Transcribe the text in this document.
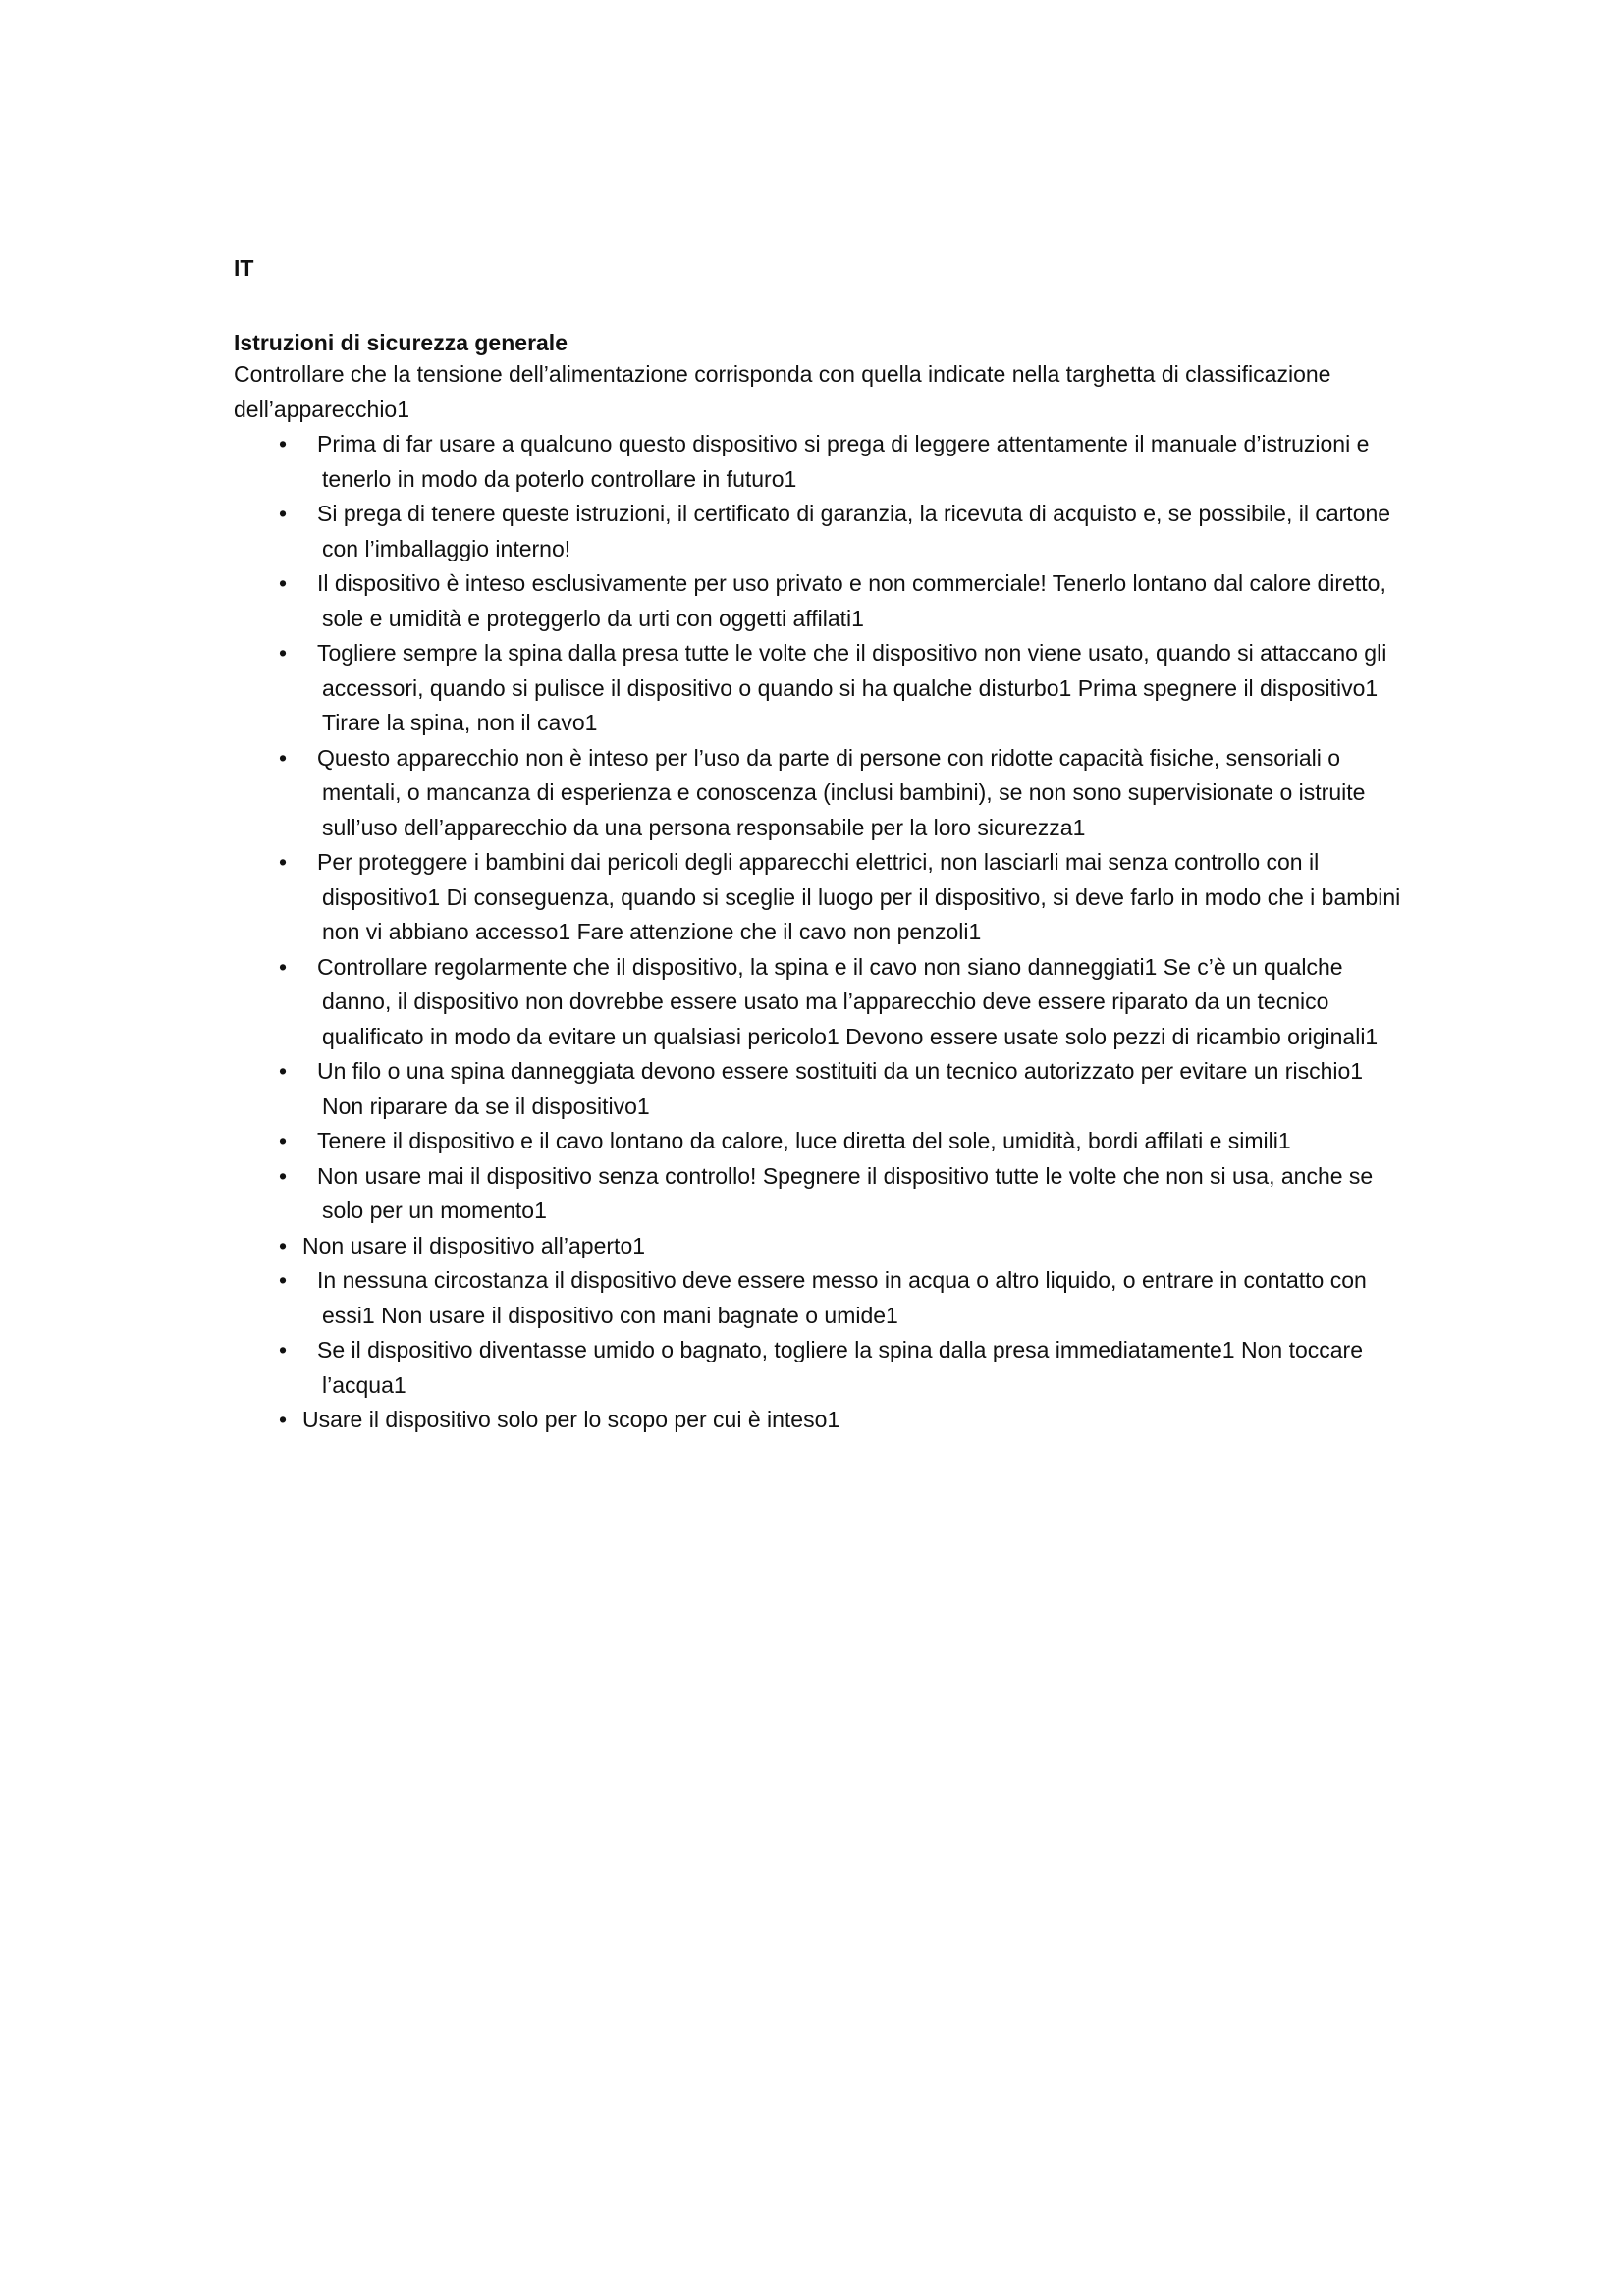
IT

Istruzioni di sicurezza generale

Controllare che la tensione dell’alimentazione corrisponda con quella indicate nella targhetta di classificazione dell’apparecchio1

• Prima di far usare a qualcuno questo dispositivo si prega di leggere attentamente il manuale d’istruzioni e tenerlo in modo da poterlo controllare in futuro1
• Si prega di tenere queste istruzioni, il certificato di garanzia, la ricevuta di acquisto e, se possibile, il cartone con l’imballaggio interno!
• Il dispositivo è inteso esclusivamente per uso privato e non commerciale! Tenerlo lontano dal calore diretto, sole e umidità e proteggerlo da urti con oggetti affilati1
• Togliere sempre la spina dalla presa tutte le volte che il dispositivo non viene usato, quando si attaccano gli accessori, quando si pulisce il dispositivo o quando si ha qualche disturbo1 Prima spegnere il dispositivo1 Tirare la spina, non il cavo1
• Questo apparecchio non è inteso per l’uso da parte di persone con ridotte capacità fisiche, sensoriali o mentali, o mancanza di esperienza e conoscenza (inclusi bambini), se non sono supervisionate o istruite sull’uso dell’apparecchio da una persona responsabile per la loro sicurezza1
• Per proteggere i bambini dai pericoli degli apparecchi elettrici, non lasciarli mai senza controllo con il dispositivo1 Di conseguenza, quando si sceglie il luogo per il dispositivo, si deve farlo in modo che i bambini non vi abbiano accesso1 Fare attenzione che il cavo non penzoli1
• Controllare regolarmente che il dispositivo, la spina e il cavo non siano danneggiati1 Se c’è un qualche danno, il dispositivo non dovrebbe essere usato ma l’apparecchio deve essere riparato da un tecnico qualificato in modo da evitare un qualsiasi pericolo1 Devono essere usate solo pezzi di ricambio originali1
• Un filo o una spina danneggiata devono essere sostituiti da un tecnico autorizzato per evitare un rischio1 Non riparare da se il dispositivo1
• Tenere il dispositivo e il cavo lontano da calore, luce diretta del sole, umidità, bordi affilati e simili1
• Non usare mai il dispositivo senza controllo! Spegnere il dispositivo tutte le volte che non si usa, anche se solo per un momento1
• Non usare il dispositivo all’aperto1
• In nessuna circostanza il dispositivo deve essere messo in acqua o altro liquido, o entrare in contatto con essi1 Non usare il dispositivo con mani bagnate o umide1
• Se il dispositivo diventasse umido o bagnato, togliere la spina dalla presa immediatamente1 Non toccare l’acqua1
• Usare il dispositivo solo per lo scopo per cui è inteso1
